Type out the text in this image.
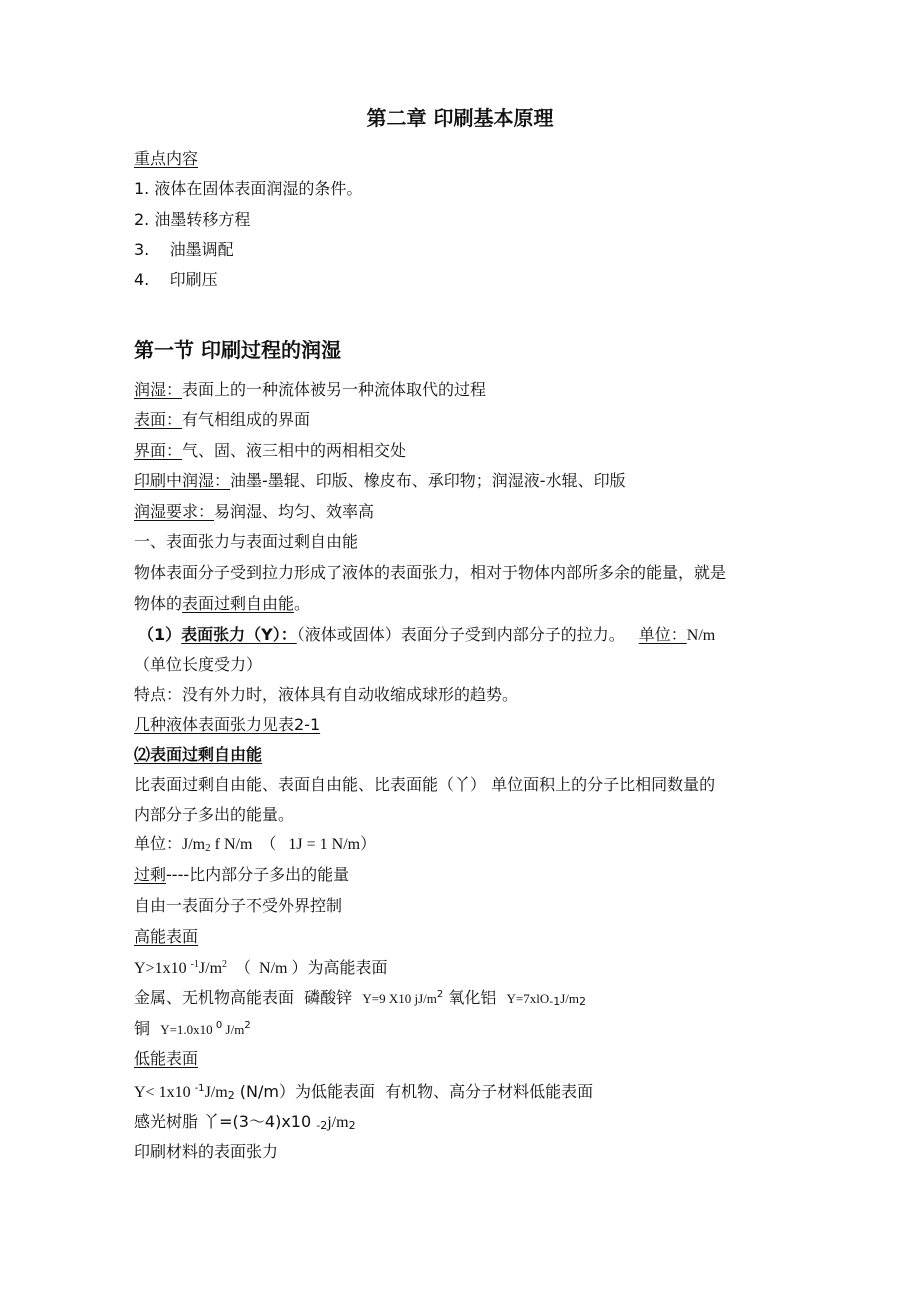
第二章 印刷基本原理
重点内容
1. 液体在固体表面润湿的条件。
2. 油墨转移方程
3.    油墨调配
4.    印刷压
第一节 印刷过程的润湿
润湿：表面上的一种流体被另一种流体取代的过程
表面：有气相组成的界面
界面：气、固、液三相中的两相相交处
印刷中润湿：油墨-墨辊、印版、橡皮布、承印物；润湿液-水辊、印版
润湿要求：易润湿、均匀、效率高
一、表面张力与表面过剩自由能
物体表面分子受到拉力形成了液体的表面张力，相对于物体内部所多余的能量，就是
物体的表面过剩自由能。
（1）表面张力（Y）：（液体或固体）表面分子受到内部分子的拉力。 单位：N/m
（单位长度受力）
特点：没有外力时，液体具有自动收缩成球形的趋势。
几种液体表面张力见表2-1
⑵表面过剩自由能
比表面过剩自由能、表面自由能、比表面能（丫） 单位面积上的分子比相同数量的
内部分子多出的能量。
单位：$J/m_2$ f N/m  （   1J = 1 N/m）
过剩----比内部分子多出的能量
自由一表面分子不受外界控制
高能表面
Y>1x10 $^{-1}J/m^2$  （  N/m ）为高能表面
金属、无机物高能表面  磷酸锌  Y=9 X10 $jJ/m^2$ 氧化铝  $Y=7xlO_{-1}J/m_2$
铜  Y=1.0x10 $^0$ $J/m^2$
低能表面
Y< 1x10 $^{-1}J/m_2$ (N/m）为低能表面  有机物、高分子材料低能表面
感光树脂 丫=(3～4)x10 $_{-2}j/m_2$
印刷材料的表面张力
